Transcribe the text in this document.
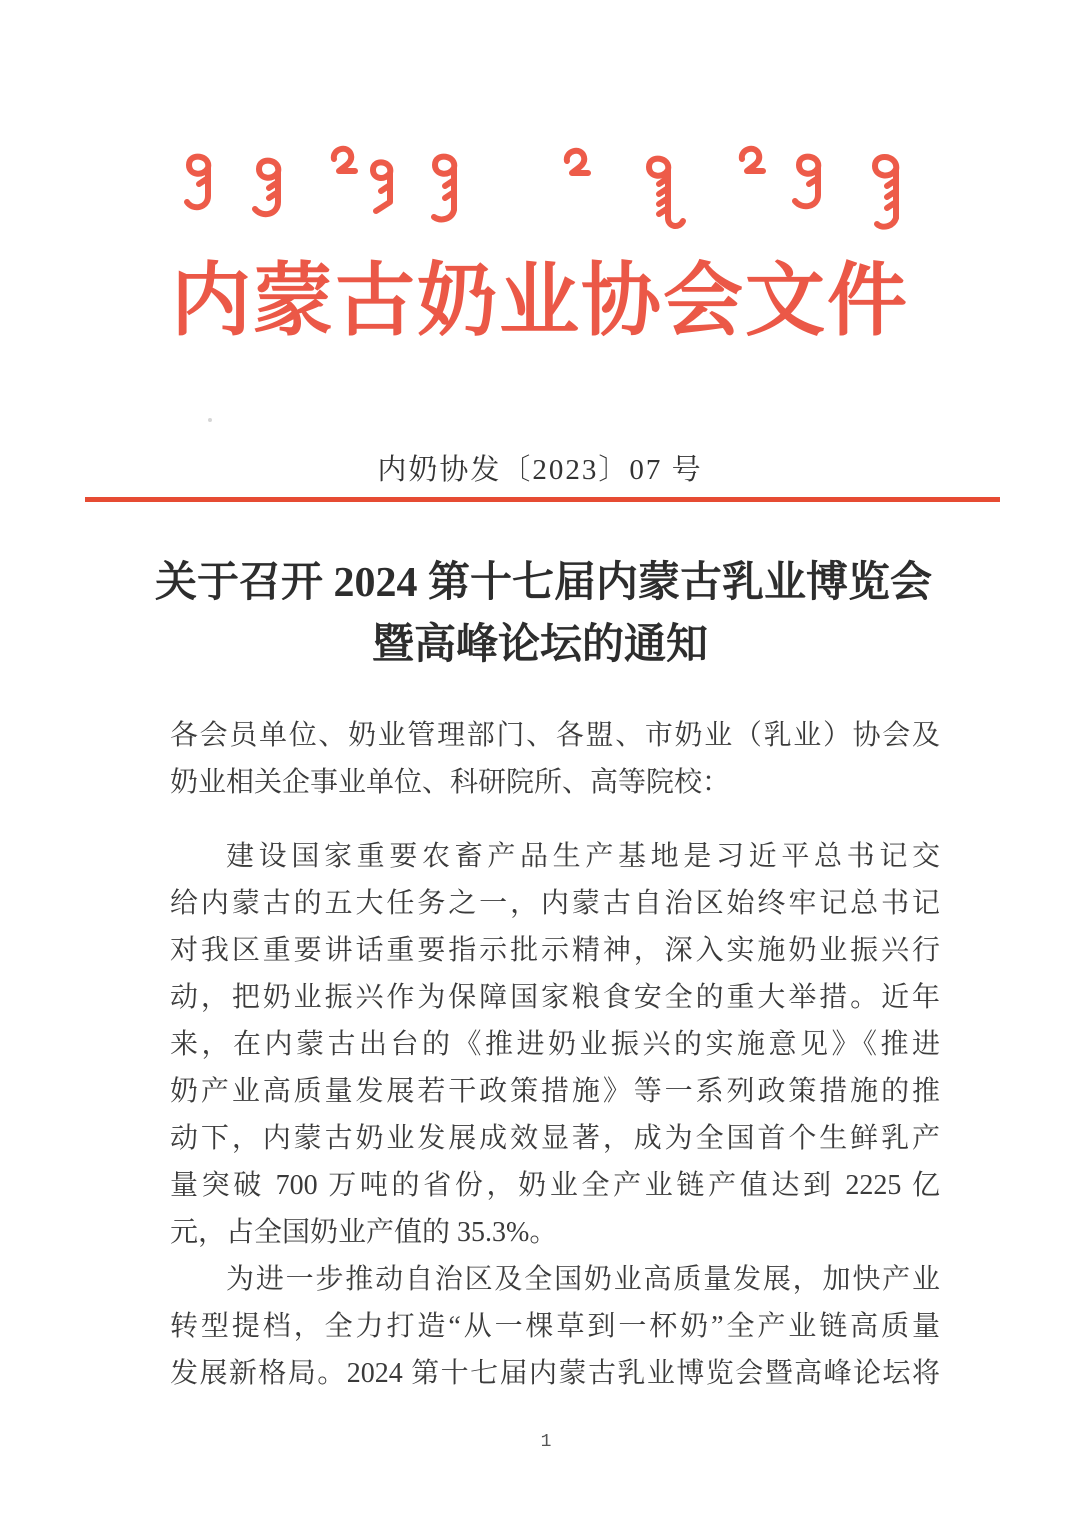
内蒙古奶业协会文件
内奶协发〔2023〕07 号
关于召开 2024 第十七届内蒙古乳业博览会
暨高峰论坛的通知
各会员单位、奶业管理部门、各盟、市奶业（乳业）协会及
奶业相关企事业单位、科研院所、高等院校：
建设国家重要农畜产品生产基地是习近平总书记交
给内蒙古的五大任务之一，内蒙古自治区始终牢记总书记
对我区重要讲话重要指示批示精神，深入实施奶业振兴行
动，把奶业振兴作为保障国家粮食安全的重大举措。近年
来，在内蒙古出台的《推进奶业振兴的实施意见》《推进
奶产业高质量发展若干政策措施》等一系列政策措施的推
动下，内蒙古奶业发展成效显著，成为全国首个生鲜乳产
量突破 700 万吨的省份，奶业全产业链产值达到 2225 亿
元，占全国奶业产值的 35.3%。
为进一步推动自治区及全国奶业高质量发展，加快产业
转型提档，全力打造“从一棵草到一杯奶”全产业链高质量
发展新格局。2024 第十七届内蒙古乳业博览会暨高峰论坛将
1
